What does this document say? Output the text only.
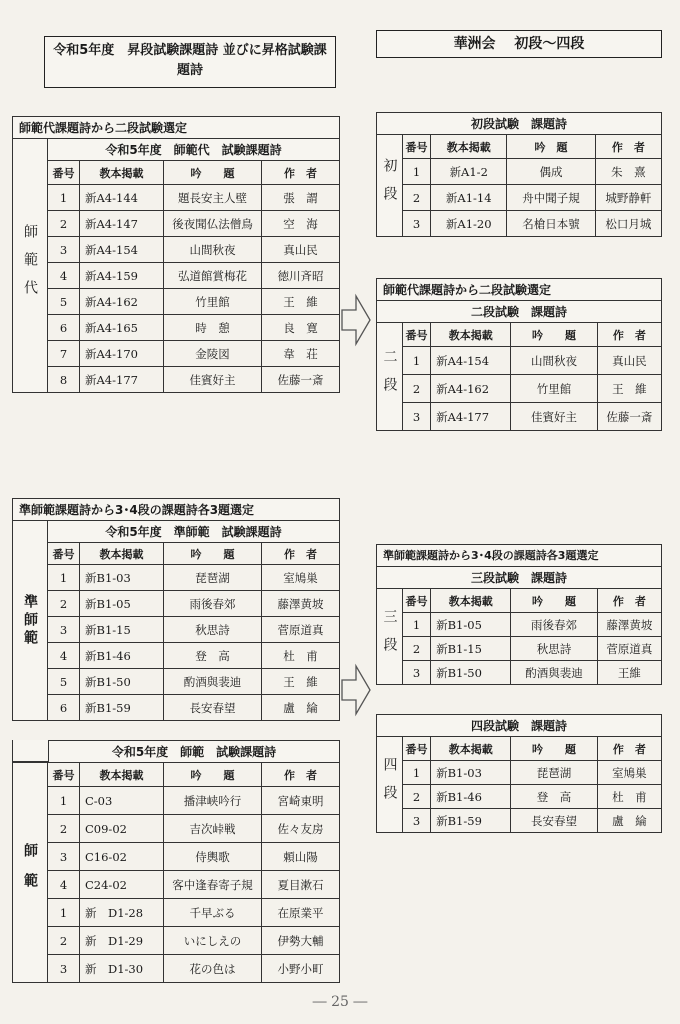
令和5年度　昇段試験課題詩 並びに昇格試験課題詩
華洲会　 初段～四段
師範代課題詩から二段試験選定
師範代
令和5年度　師範代　試験課題詩
番号	教本掲載	吟　　題	作　者
1	新A4-144	題長安主人壁	張　謂
2	新A4-147	後夜聞仏法僧鳥	空　海
3	新A4-154	山間秋夜	真山民
4	新A4-159	弘道館賞梅花	徳川斉昭
5	新A4-162	竹里館	王　維
6	新A4-165	時　憩	良　寛
7	新A4-170	金陵図	韋　荘
8	新A4-177	佳賓好主	佐藤一斎
初段試験　課題詩
初段
番号	教本掲載	吟　題	作　者
1	新A1-2	偶成	朱　熹
2	新A1-14	舟中聞子規	城野静軒
3	新A1-20	名槍日本號	松口月城
師範代課題詩から二段試験選定
二段試験　課題詩
二段
番号	教本掲載	吟　　題	作　者
1	新A4-154	山間秋夜	真山民
2	新A4-162	竹里館	王　維
3	新A4-177	佳賓好主	佐藤一斎
準師範課題詩から3･4段の課題詩各3題選定
準師範
令和5年度　準師範　試験課題詩
番号	教本掲載	吟　　題	作　者
1	新B1-03	琵琶湖	室鳩巣
2	新B1-05	雨後春郊	藤澤黄坡
3	新B1-15	秋思詩	菅原道真
4	新B1-46	登　高	杜　甫
5	新B1-50	酌酒與裴迪	王　維
6	新B1-59	長安春望	盧　綸
準師範課題詩から3･4段の課題詩各3題選定
三段試験　課題詩
三段
番号	教本掲載	吟　　題	作　者
1	新B1-05	雨後春郊	藤澤黄坡
2	新B1-15	秋思詩	菅原道真
3	新B1-50	酌酒與裴迪	王維
四段試験　課題詩
四段
番号	教本掲載	吟　　題	作　者
1	新B1-03	琵琶湖	室鳩巣
2	新B1-46	登　高	杜　甫
3	新B1-59	長安春望	盧　綸
令和5年度　師範　試験課題詩
師範
番号	教本掲載	吟　　題	作　者
1	C-03	播津峡吟行	宮崎東明
2	C09-02	吉次峠戦	佐々友房
3	C16-02	侍輿歌	頼山陽
4	C24-02	客中逢春寄子規	夏目漱石
1	新　D1-28	千早ぶる	在原業平
2	新　D1-29	いにしえの	伊勢大輔
3	新　D1-30	花の色は	小野小町
― 25 ―
